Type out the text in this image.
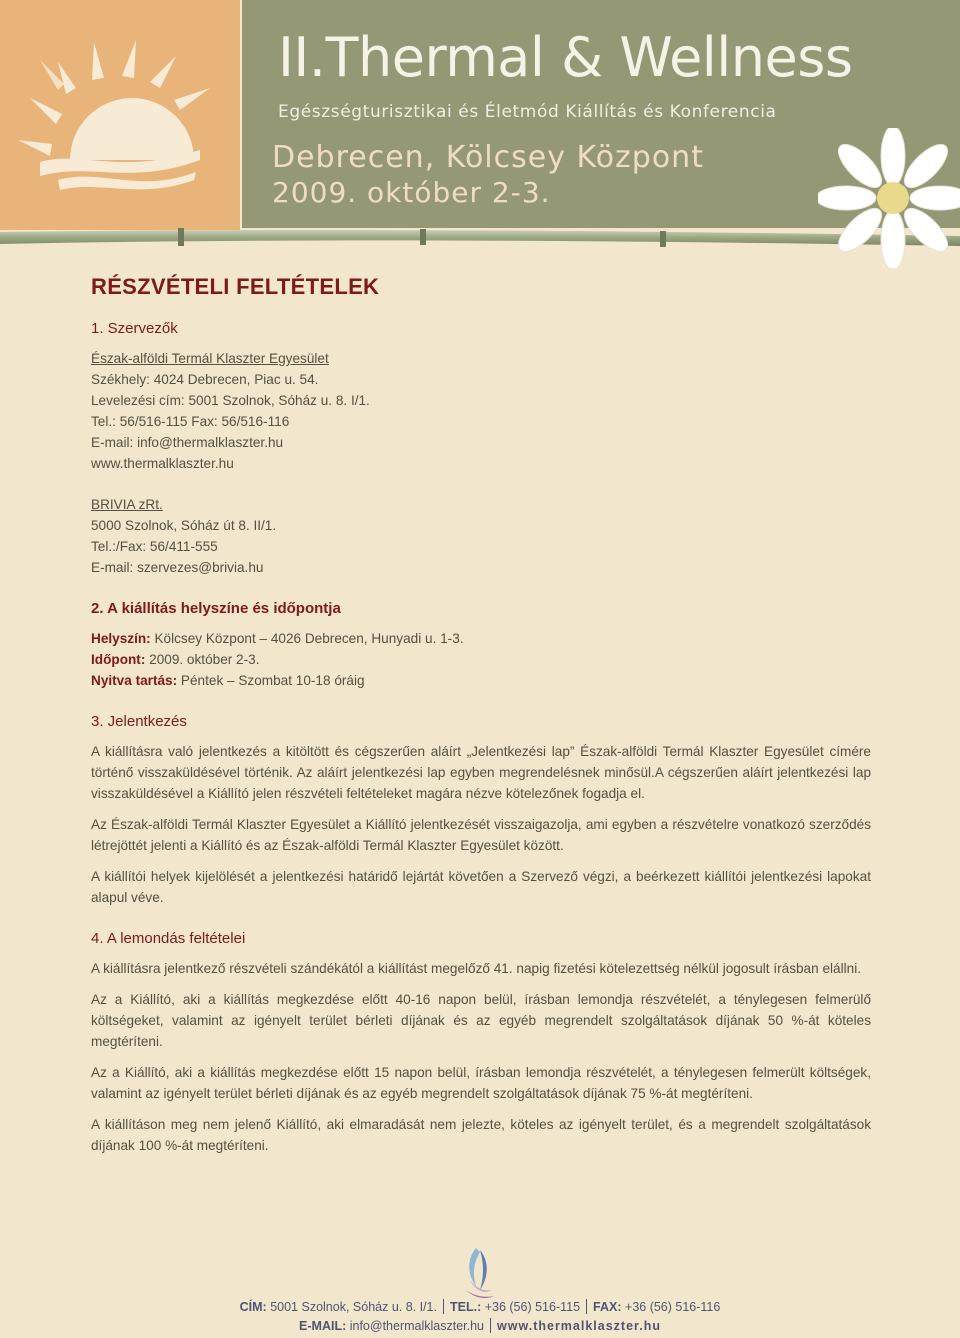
II.Thermal & Wellness
Egészségturisztikai és Életmód Kiállítás és Konferencia
Debrecen, Kölcsey Központ
2009. október 2-3.
RÉSZVÉTELI FELTÉTELEK
1. Szervezők
Észak-alföldi Termál Klaszter Egyesület
Székhely: 4024 Debrecen, Piac u. 54.
Levelezési cím: 5001 Szolnok, Sóház u. 8. I/1.
Tel.: 56/516-115 Fax: 56/516-116
E-mail: info@thermalklaszter.hu
www.thermalklaszter.hu
BRIVIA zRt.
5000 Szolnok, Sóház út 8. II/1.
Tel.:/Fax: 56/411-555
E-mail: szervezes@brivia.hu
2. A kiállítás helyszíne és időpontja
Helyszín: Kölcsey Központ – 4026 Debrecen, Hunyadi u. 1-3.
Időpont: 2009. október 2-3.
Nyitva tartás: Péntek – Szombat 10-18 óráig
3. Jelentkezés

A kiállításra való jelentkezés a kitöltött és cégszerűen aláírt „Jelentkezési lap” Észak-alföldi Termál Klaszter Egyesület címére történő visszaküldésével történik. Az aláírt jelentkezési lap egyben megrendelésnek minősül.A cégszerűen aláírt jelentkezési lap visszaküldésével a Kiállító jelen részvételi feltételeket magára nézve kötelezőnek fogadja el.

Az Észak-alföldi Termál Klaszter Egyesület a Kiállító jelentkezését visszaigazolja, ami egyben a részvételre vonatkozó szerződés létrejöttét jelenti a Kiállító és az Észak-alföldi Termál Klaszter Egyesület között.

A kiállítói helyek kijelölését a jelentkezési határidő lejártát követően a Szervező végzi, a beérkezett kiállítói jelentkezési lapokat alapul véve.

4. A lemondás feltételei

A kiállításra jelentkező részvételi szándékától a kiállítást megelőző 41. napig fizetési kötelezettség nélkül jogosult írásban elállni.

Az a Kiállító, aki a kiállítás megkezdése előtt 40-16 napon belül, írásban lemondja részvételét, a ténylegesen felmerülő költségeket, valamint az igényelt terület bérleti díjának és az egyéb megrendelt szolgáltatások díjának 50 %-át köteles megtéríteni.

Az a Kiállító, aki a kiállítás megkezdése előtt 15 napon belül, írásban lemondja részvételét, a ténylegesen felmerült költségek, valamint az igényelt terület bérleti díjának és az egyéb megrendelt szolgáltatások díjának 75 %-át megtéríteni.

A kiállításon meg nem jelenő Kiállító, aki elmaradását nem jelezte, köteles az igényelt terület, és a megrendelt szolgáltatások díjának 100 %-át megtéríteni.

CÍM: 5001 Szolnok, Sóház u. 8. I/1. TEL.: +36 (56) 516-115 FAX: +36 (56) 516-116
E-MAIL: info@thermalklaszter.hu www.thermalklaszter.hu
